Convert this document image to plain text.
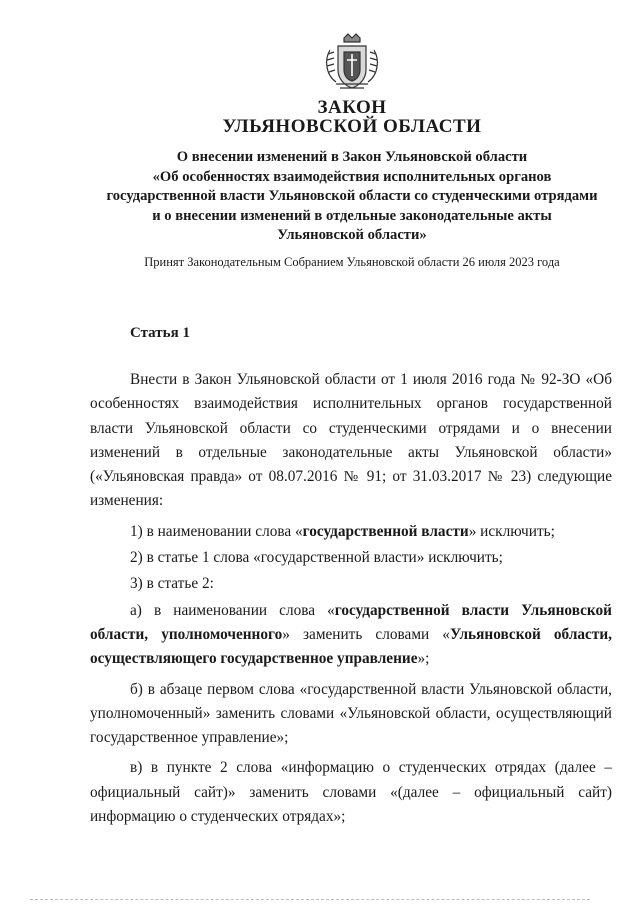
ЗАКОН
УЛЬЯНОВСКОЙ ОБЛАСТИ
О внесении изменений в Закон Ульяновской области
«Об особенностях взаимодействия исполнительных органов
государственной власти Ульяновской области со студенческими отрядами
и о внесении изменений в отдельные законодательные акты
Ульяновской области»
Принят Законодательным Собранием Ульяновской области 26 июля 2023 года
Статья 1

Внести в Закон Ульяновской области от 1 июля 2016 года № 92-ЗО «Об особенностях взаимодействия исполнительных органов государственной власти Ульяновской области со студенческими отрядами и о внесении изменений в отдельные законодательные акты Ульяновской области» («Ульяновская правда» от 08.07.2016 № 91; от 31.03.2017 № 23) следующие изменения:

1) в наименовании слова «государственной власти» исключить;

2) в статье 1 слова «государственной власти» исключить;

3) в статье 2:

а) в наименовании слова «государственной власти Ульяновской области, уполномоченного» заменить словами «Ульяновской области, осуществляющего государственное управление»;

б) в абзаце первом слова «государственной власти Ульяновской области, уполномоченный» заменить словами «Ульяновской области, осуществляющий государственное управление»;

в) в пункте 2 слова «информацию о студенческих отрядах (далее – официальный сайт)» заменить словами «(далее – официальный сайт) информацию о студенческих отрядах»;
